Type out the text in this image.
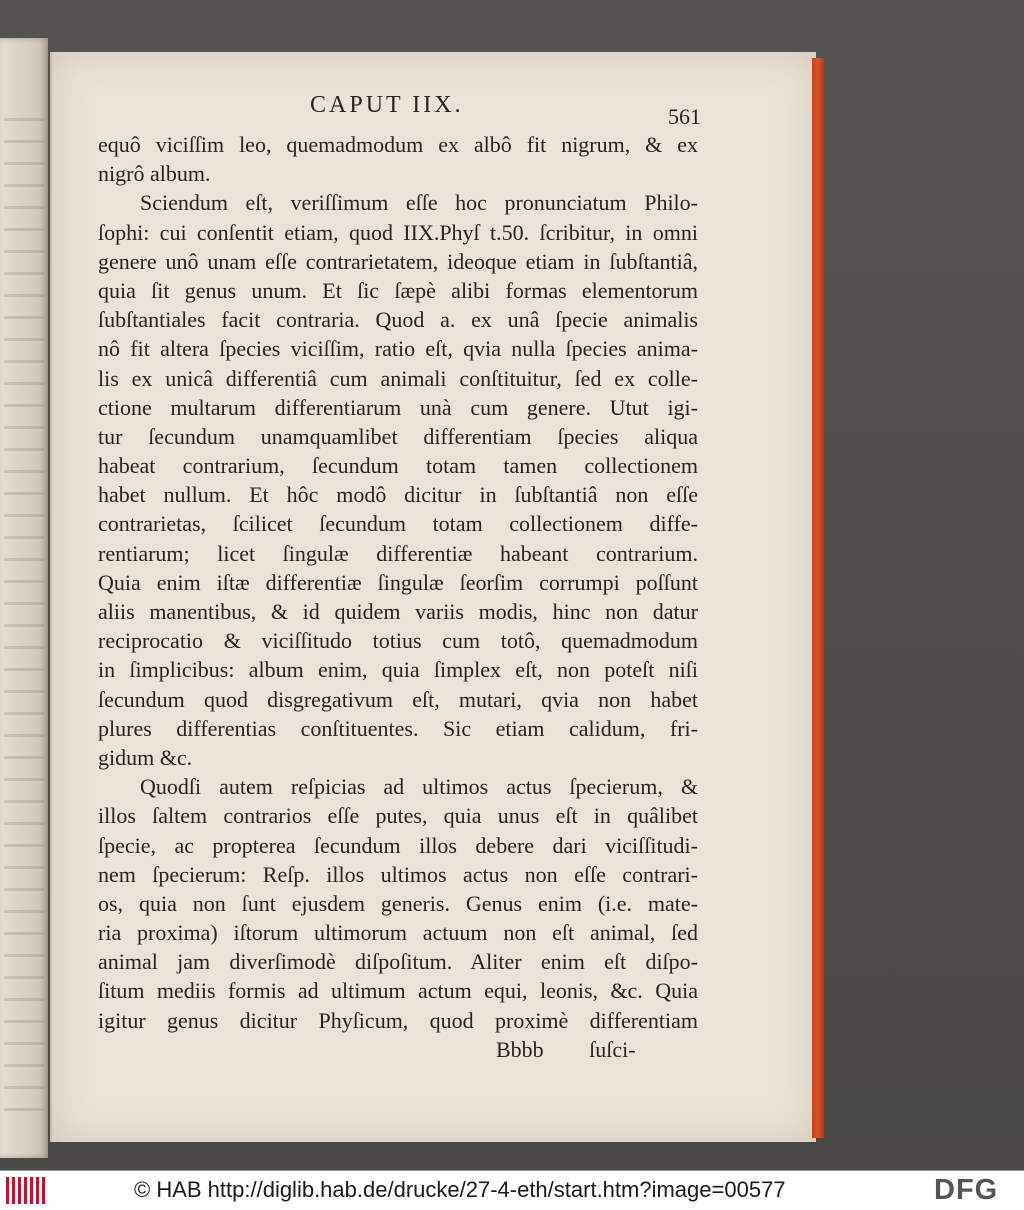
CAPUT IIX.	561
equô viciſſim leo, quemadmodum ex albô fit nigrum, & ex
nigrô album.
Sciendum eſt, veriſſimum eſſe hoc pronunciatum Philo-
ſophi: cui conſentit etiam, quod IIX.Phyſ t.50. ſcribitur, in omni
genere unô unam eſſe contrarietatem, ideoque etiam in ſubſtantiâ,
quia ſit genus unum. Et ſic ſæpè alibi formas elementorum
ſubſtantiales facit contraria. Quod a. ex unâ ſpecie animalis
nô fit altera ſpecies viciſſim, ratio eſt, qvia nulla ſpecies anima-
lis ex unicâ differentiâ cum animali conſtituitur, ſed ex colle-
ctione multarum differentiarum unà cum genere. Utut igi-
tur ſecundum unamquamlibet differentiam ſpecies aliqua
habeat contrarium, ſecundum totam tamen collectionem
habet nullum. Et hôc modô dicitur in ſubſtantiâ non eſſe
contrarietas, ſcilicet ſecundum totam collectionem diffe-
rentiarum; licet ſingulæ differentiæ habeant contrarium.
Quia enim iſtæ differentiæ ſingulæ ſeorſim corrumpi poſſunt
aliis manentibus, & id quidem variis modis, hinc non datur
reciprocatio & viciſſitudo totius cum totô, quemadmodum
in ſimplicibus: album enim, quia ſimplex eſt, non poteſt niſi
ſecundum quod disgregativum eſt, mutari, qvia non habet
plures differentias conſtituentes. Sic etiam calidum, fri-
gidum &c.
Quodſi autem reſpicias ad ultimos actus ſpecierum, &
illos ſaltem contrarios eſſe putes, quia unus eſt in quâlibet
ſpecie, ac propterea ſecundum illos debere dari viciſſitudi-
nem ſpecierum: Reſp. illos ultimos actus non eſſe contrari-
os, quia non ſunt ejusdem generis. Genus enim (i.e. mate-
ria proxima) iſtorum ultimorum actuum non eſt animal, ſed
animal jam diverſimodè diſpoſitum. Aliter enim eſt diſpo-
ſitum mediis formis ad ultimum actum equi, leonis, &c. Quia
igitur genus dicitur Phyſicum, quod proximè differentiam
Bbbb ſuſci-
© HAB http://diglib.hab.de/drucke/27-4-eth/start.htm?image=00577	DFG
